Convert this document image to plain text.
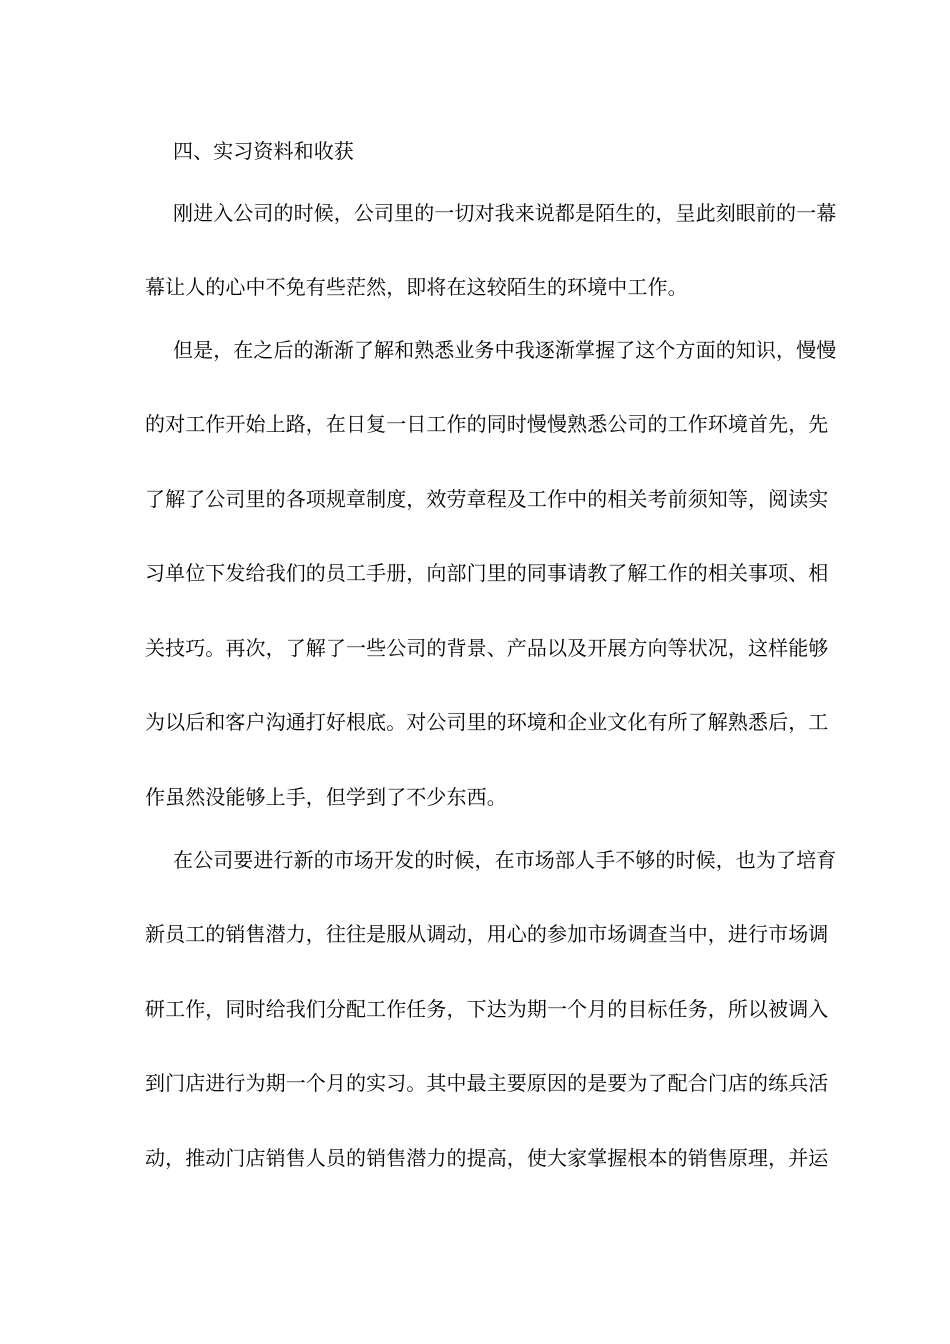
四、实习资料和收获
刚进入公司的时候，公司里的一切对我来说都是陌生的，呈此刻眼前的一幕
幕让人的心中不免有些茫然，即将在这较陌生的环境中工作。
但是，在之后的渐渐了解和熟悉业务中我逐渐掌握了这个方面的知识，慢慢
的对工作开始上路，在日复一日工作的同时慢慢熟悉公司的工作环境首先，先
了解了公司里的各项规章制度，效劳章程及工作中的相关考前须知等，阅读实
习单位下发给我们的员工手册，向部门里的同事请教了解工作的相关事项、相
关技巧。再次，了解了一些公司的背景、产品以及开展方向等状况，这样能够
为以后和客户沟通打好根底。对公司里的环境和企业文化有所了解熟悉后，工
作虽然没能够上手，但学到了不少东西。
在公司要进行新的市场开发的时候，在市场部人手不够的时候，也为了培育
新员工的销售潜力，往往是服从调动，用心的参加市场调查当中，进行市场调
研工作，同时给我们分配工作任务，下达为期一个月的目标任务，所以被调入
到门店进行为期一个月的实习。其中最主要原因的是要为了配合门店的练兵活
动，推动门店销售人员的销售潜力的提高，使大家掌握根本的销售原理，并运
